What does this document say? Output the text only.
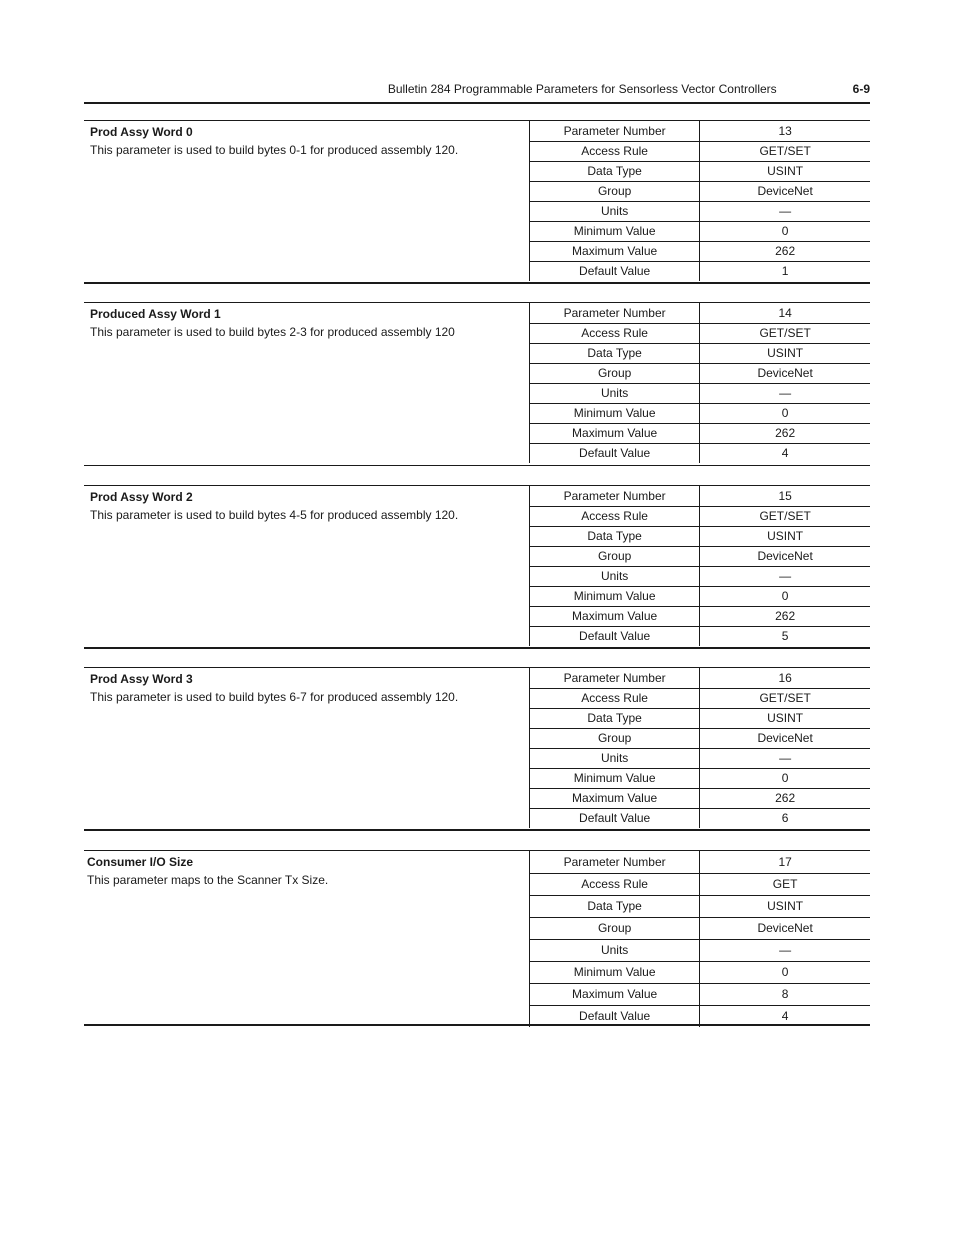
Bulletin 284 Programmable Parameters for Sensorless Vector Controllers	6-9
Prod Assy Word 0
This parameter is used to build bytes 0-1 for produced assembly 120.
Parameter Number	13
Access Rule	GET/SET
Data Type	USINT
Group	DeviceNet
Units	—
Minimum Value	0
Maximum Value	262
Default Value	1
Produced Assy Word 1
This parameter is used to build bytes 2-3 for produced assembly 120
Parameter Number	14
Access Rule	GET/SET
Data Type	USINT
Group	DeviceNet
Units	—
Minimum Value	0
Maximum Value	262
Default Value	4
Prod Assy Word 2
This parameter is used to build bytes 4-5 for produced assembly 120.
Parameter Number	15
Access Rule	GET/SET
Data Type	USINT
Group	DeviceNet
Units	—
Minimum Value	0
Maximum Value	262
Default Value	5
Prod Assy Word 3
This parameter is used to build bytes 6-7 for produced assembly 120.
Parameter Number	16
Access Rule	GET/SET
Data Type	USINT
Group	DeviceNet
Units	—
Minimum Value	0
Maximum Value	262
Default Value	6
Consumer I/O Size
This parameter maps to the Scanner Tx Size.
Parameter Number	17
Access Rule	GET
Data Type	USINT
Group	DeviceNet
Units	—
Minimum Value	0
Maximum Value	8
Default Value	4
